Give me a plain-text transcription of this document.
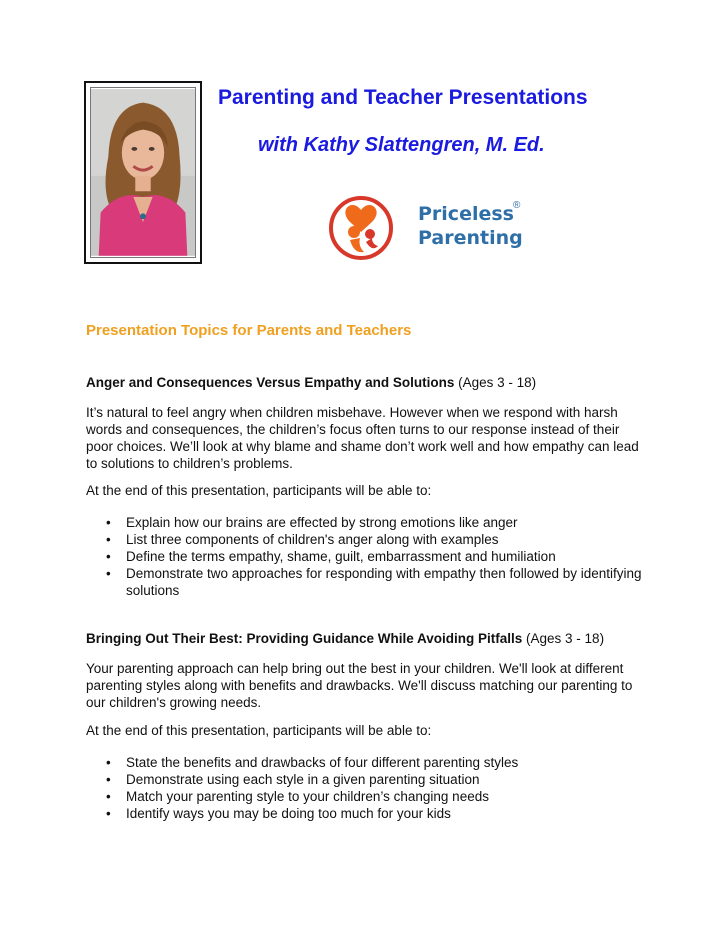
Parenting and Teacher Presentations
with Kathy Slattengren, M. Ed.
Priceless
Parenting
®
Presentation Topics for Parents and Teachers
Anger and Consequences Versus Empathy and Solutions (Ages 3 - 18)

It’s natural to feel angry when children misbehave. However when we respond with harsh words and consequences, the children’s focus often turns to our response instead of their poor choices. We’ll look at why blame and shame don’t work well and how empathy can lead to solutions to children’s problems.

At the end of this presentation, participants will be able to:

• Explain how our brains are effected by strong emotions like anger
• List three components of children's anger along with examples
• Define the terms empathy, shame, guilt, embarrassment and humiliation
• Demonstrate two approaches for responding with empathy then followed by identifying solutions
Bringing Out Their Best: Providing Guidance While Avoiding Pitfalls (Ages 3 - 18)

Your parenting approach can help bring out the best in your children. We'll look at different parenting styles along with benefits and drawbacks. We'll discuss matching our parenting to our children's growing needs.

At the end of this presentation, participants will be able to:

• State the benefits and drawbacks of four different parenting styles
• Demonstrate using each style in a given parenting situation
• Match your parenting style to your children’s changing needs
• Identify ways you may be doing too much for your kids
